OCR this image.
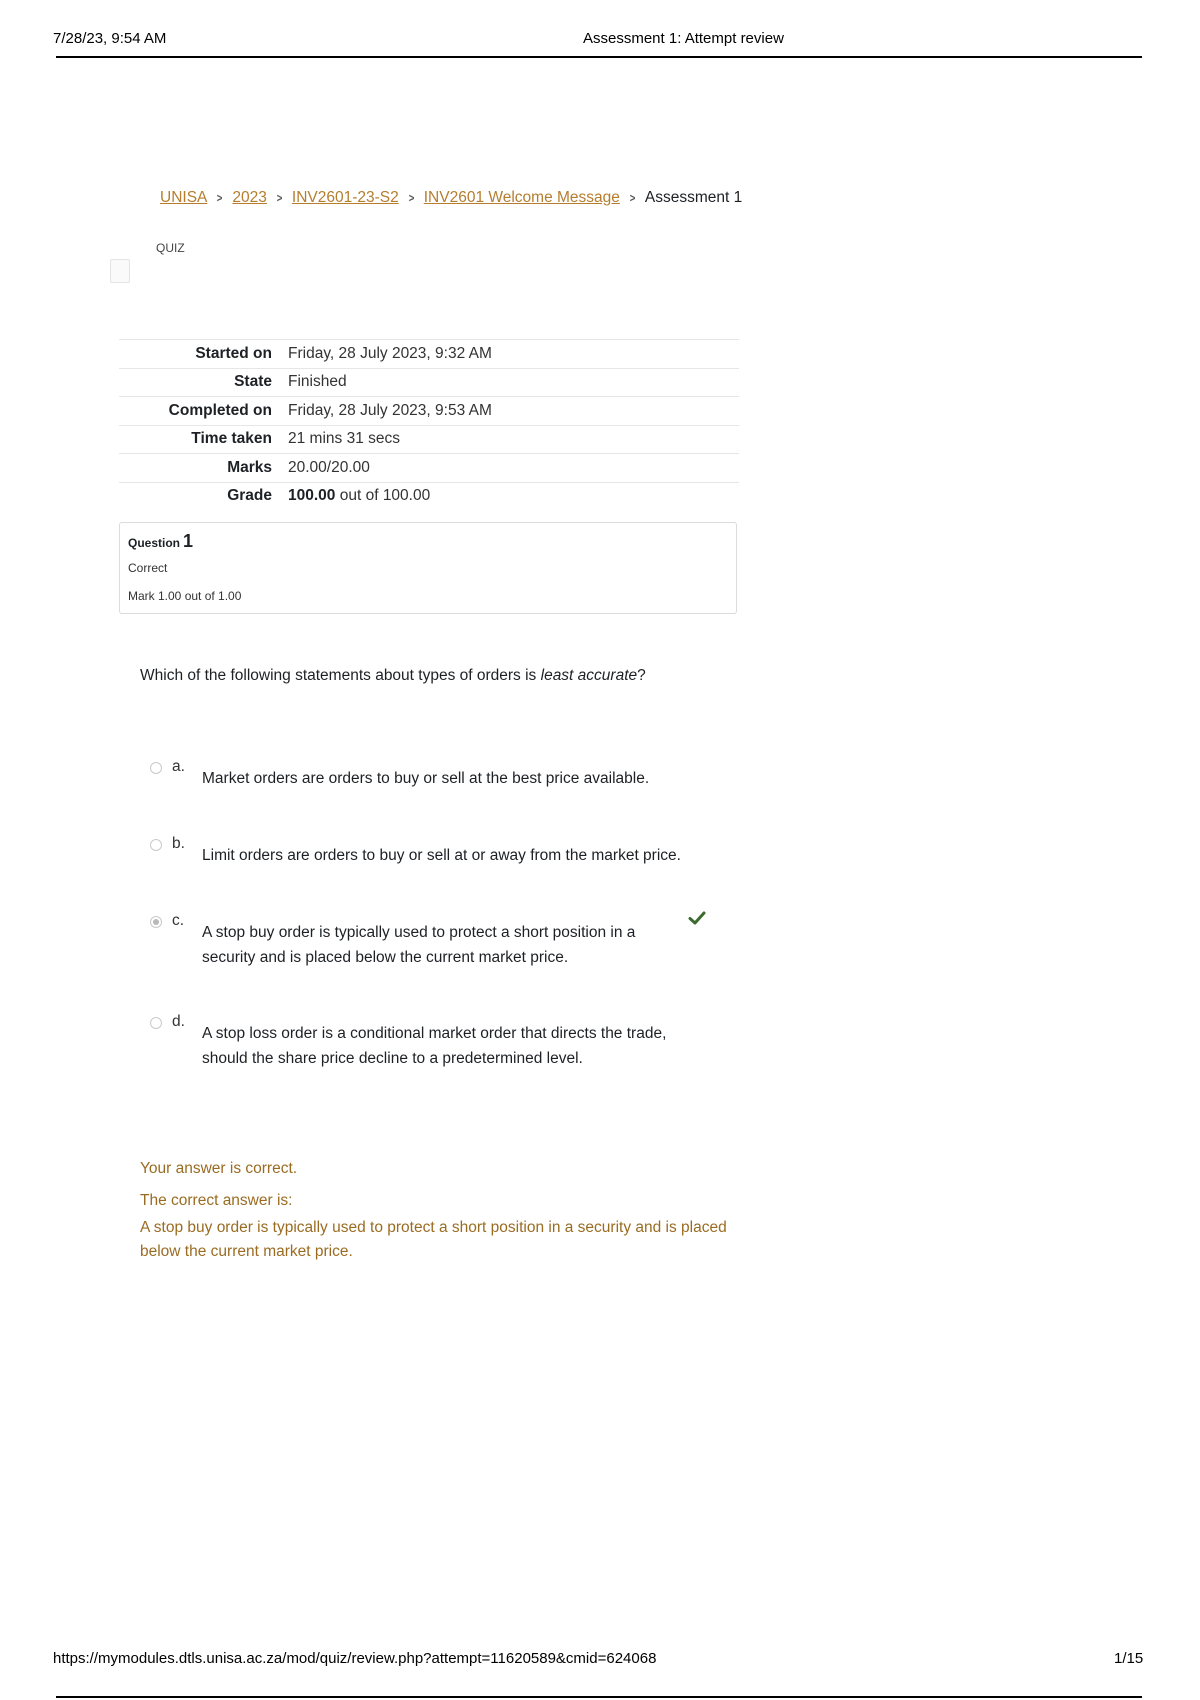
7/28/23, 9:54 AM	Assessment 1: Attempt review
UNISA > 2023 > INV2601-23-S2 > INV2601 Welcome Message > Assessment 1
QUIZ
Started on	Friday, 28 July 2023, 9:32 AM
State	Finished
Completed on	Friday, 28 July 2023, 9:53 AM
Time taken	21 mins 31 secs
Marks	20.00/20.00
Grade	100.00 out of 100.00
Question 1
Correct
Mark 1.00 out of 1.00
Which of the following statements about types of orders is least accurate?
a.
Market orders are orders to buy or sell at the best price available.
b.
Limit orders are orders to buy or sell at or away from the market price.
c.
A stop buy order is typically used to protect a short position in a security and is placed below the current market price.
d.
A stop loss order is a conditional market order that directs the trade, should the share price decline to a predetermined level.
Your answer is correct.
The correct answer is:
A stop buy order is typically used to protect a short position in a security and is placed below the current market price.
https://mymodules.dtls.unisa.ac.za/mod/quiz/review.php?attempt=11620589&cmid=624068	1/15
